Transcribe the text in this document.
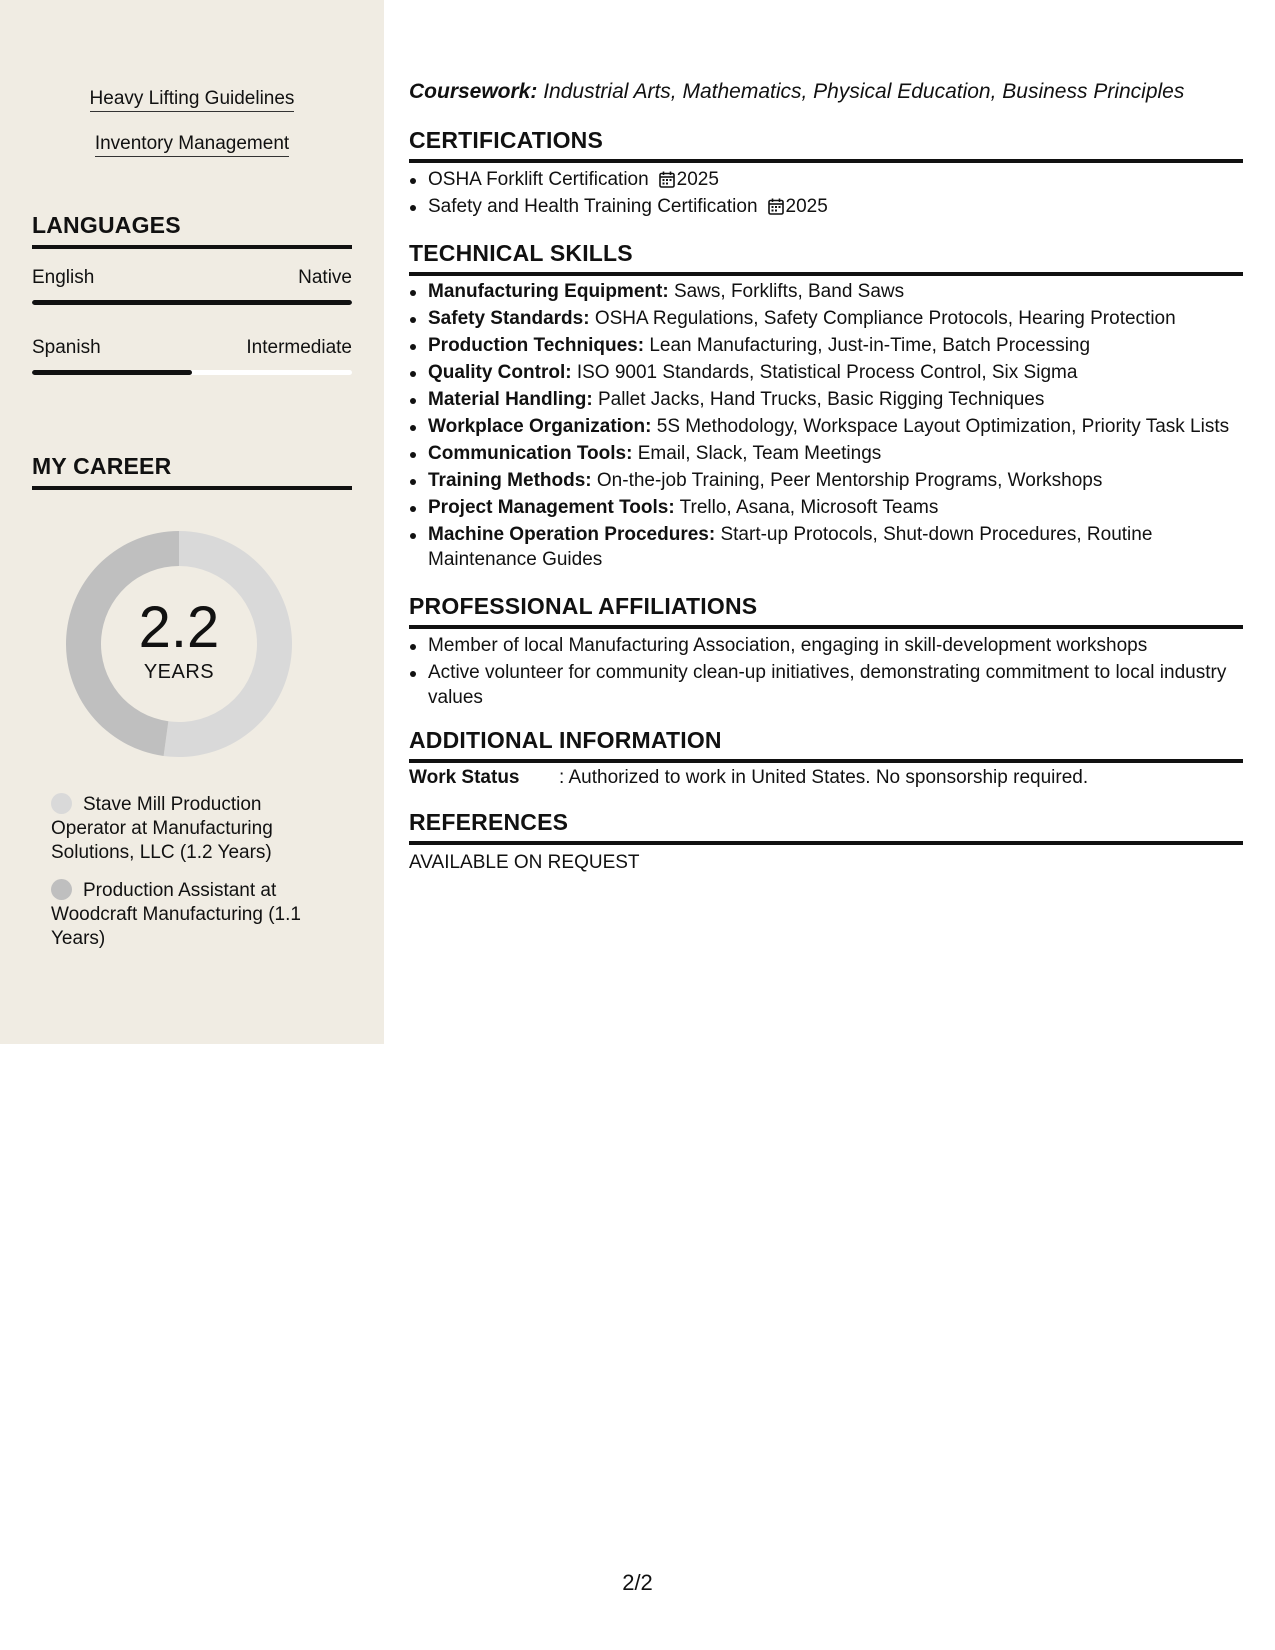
Heavy Lifting Guidelines
Inventory Management
LANGUAGES
English	Native
Spanish	Intermediate
MY CAREER
2.2
YEARS
Stave Mill Production Operator at Manufacturing Solutions, LLC (1.2 Years)
Production Assistant at Woodcraft Manufacturing (1.1 Years)
Coursework: Industrial Arts, Mathematics, Physical Education, Business Principles
CERTIFICATIONS
OSHA Forklift Certification 2025
Safety and Health Training Certification 2025
TECHNICAL SKILLS
Manufacturing Equipment: Saws, Forklifts, Band Saws
Safety Standards: OSHA Regulations, Safety Compliance Protocols, Hearing Protection
Production Techniques: Lean Manufacturing, Just-in-Time, Batch Processing
Quality Control: ISO 9001 Standards, Statistical Process Control, Six Sigma
Material Handling: Pallet Jacks, Hand Trucks, Basic Rigging Techniques
Workplace Organization: 5S Methodology, Workspace Layout Optimization, Priority Task Lists
Communication Tools: Email, Slack, Team Meetings
Training Methods: On-the-job Training, Peer Mentorship Programs, Workshops
Project Management Tools: Trello, Asana, Microsoft Teams
Machine Operation Procedures: Start-up Protocols, Shut-down Procedures, Routine Maintenance Guides
PROFESSIONAL AFFILIATIONS
Member of local Manufacturing Association, engaging in skill-development workshops
Active volunteer for community clean-up initiatives, demonstrating commitment to local industry values
ADDITIONAL INFORMATION
Work Status : Authorized to work in United States. No sponsorship required.
REFERENCES
AVAILABLE ON REQUEST
2/2
